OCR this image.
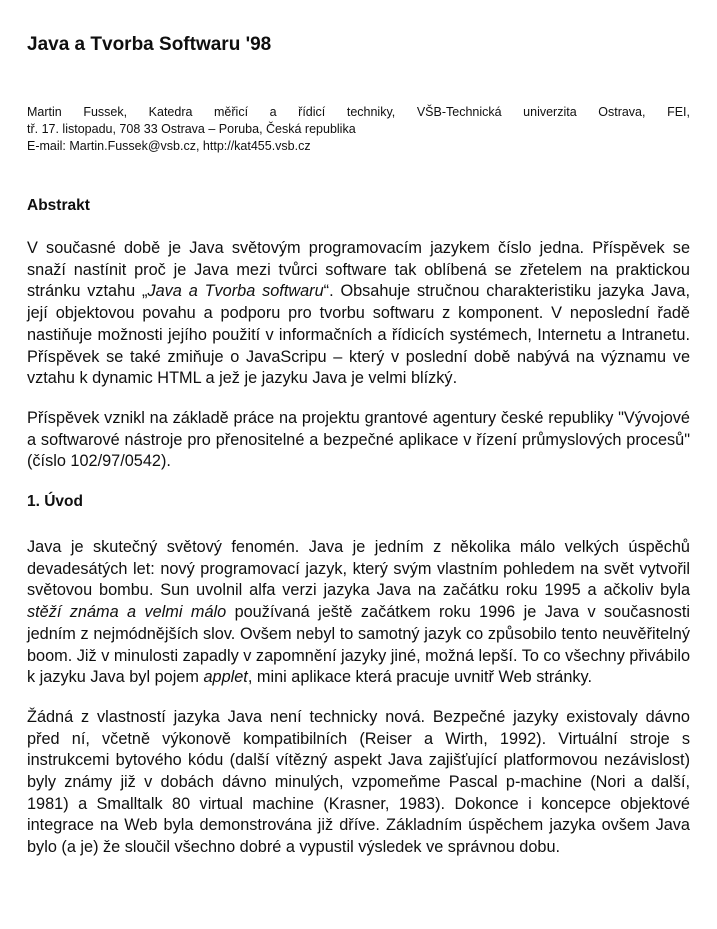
Java a Tvorba Softwaru '98
Martin Fussek, Katedra měřicí a řídicí techniky, VŠB-Technická univerzita Ostrava, FEI,
tř. 17. listopadu, 708 33 Ostrava – Poruba, Česká republika
E-mail: Martin.Fussek@vsb.cz, http://kat455.vsb.cz
Abstrakt

V současné době je Java světovým programovacím jazykem číslo jedna. Příspěvek se snaží nastínit proč je Java mezi tvůrci software tak oblíbená se zřetelem na praktickou stránku vztahu „Java a Tvorba softwaru“. Obsahuje stručnou charakteristiku jazyka Java, její objektovou povahu a podporu pro tvorbu softwaru z komponent. V neposlední řadě nastiňuje možnosti jejího použití v informačních a řídicích systémech, Internetu a Intranetu. Příspěvek se také zmiňuje o JavaScripu – který v poslední době nabývá na významu ve vztahu k dynamic HTML a jež je jazyku Java je velmi blízký.

Příspěvek vznikl na základě práce na projektu grantové agentury české republiky "Vývojové a softwarové nástroje pro přenositelné a bezpečné aplikace v řízení průmyslových procesů" (číslo 102/97/0542).

1. Úvod

Java je skutečný světový fenomén. Java je jedním z několika málo velkých úspěchů devadesátých let: nový programovací jazyk, který svým vlastním pohledem na svět vytvořil světovou bombu. Sun uvolnil alfa verzi jazyka Java na začátku roku 1995 a ačkoliv byla stěží známa a velmi málo používaná ještě začátkem roku 1996 je Java v současnosti jedním z nejmódnějších slov. Ovšem nebyl to samotný jazyk co způsobilo tento neuvěřitelný boom. Již v minulosti zapadly v zapomnění jazyky jiné, možná lepší. To co všechny přivábilo k jazyku Java byl pojem applet, mini aplikace která pracuje uvnitř Web stránky.

Žádná z vlastností jazyka Java není technicky nová. Bezpečné jazyky existovaly dávno před ní, včetně výkonově kompatibilních (Reiser a Wirth, 1992). Virtuální stroje s instrukcemi bytového kódu (další vítězný aspekt Java zajišťující platformovou nezávislost) byly známy již v dobách dávno minulých, vzpomeňme Pascal p-machine (Nori a další, 1981) a Smalltalk 80 virtual machine (Krasner, 1983). Dokonce i koncepce objektové integrace na Web byla demonstrována již dříve. Základním úspěchem jazyka ovšem Java bylo (a je) že sloučil všechno dobré a vypustil výsledek ve správnou dobu.
